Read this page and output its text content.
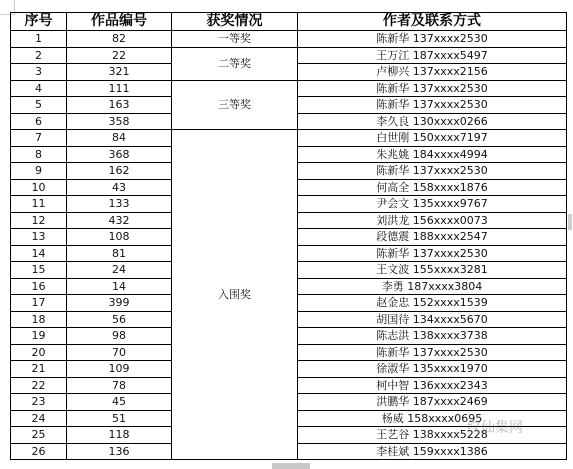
序号	作品编号	获奖情况	作者及联系方式
1	82	一等奖	陈新华 137xxxx2530
2	22	二等奖	王万江 187xxxx5497
3	321		卢柳兴 137xxxx2156
4	111	三等奖	陈新华 137xxxx2530
5	163		陈新华 137xxxx2530
6	358		李久良 130xxxx0266
7	84	入围奖	白世刚 150xxxx7197
8	368		朱兆姚 184xxxx4994
9	162		陈新华 137xxxx2530
10	43		何高全 158xxxx1876
11	133		尹会文 135xxxx9767
12	432		刘洪龙 156xxxx0073
13	108		段德震 188xxxx2547
14	81		陈新华 137xxxx2530
15	24		王文波 155xxxx3281
16	14		李勇 187xxxx3804
17	399		赵金忠 152xxxx1539
18	56		胡国待 134xxxx5670
19	98		陈志洪 138xxxx3738
20	70		陈新华 137xxxx2530
21	109		徐淑华 135xxxx1970
22	78		柯中智 136xxxx2343
23	45		洪鹏华 187xxxx2469
24	51		杨威 158xxxx0695
25	118		王艺谷 138xxxx5228
26	136		李桂斌 159xxxx1386
纹仙集网
